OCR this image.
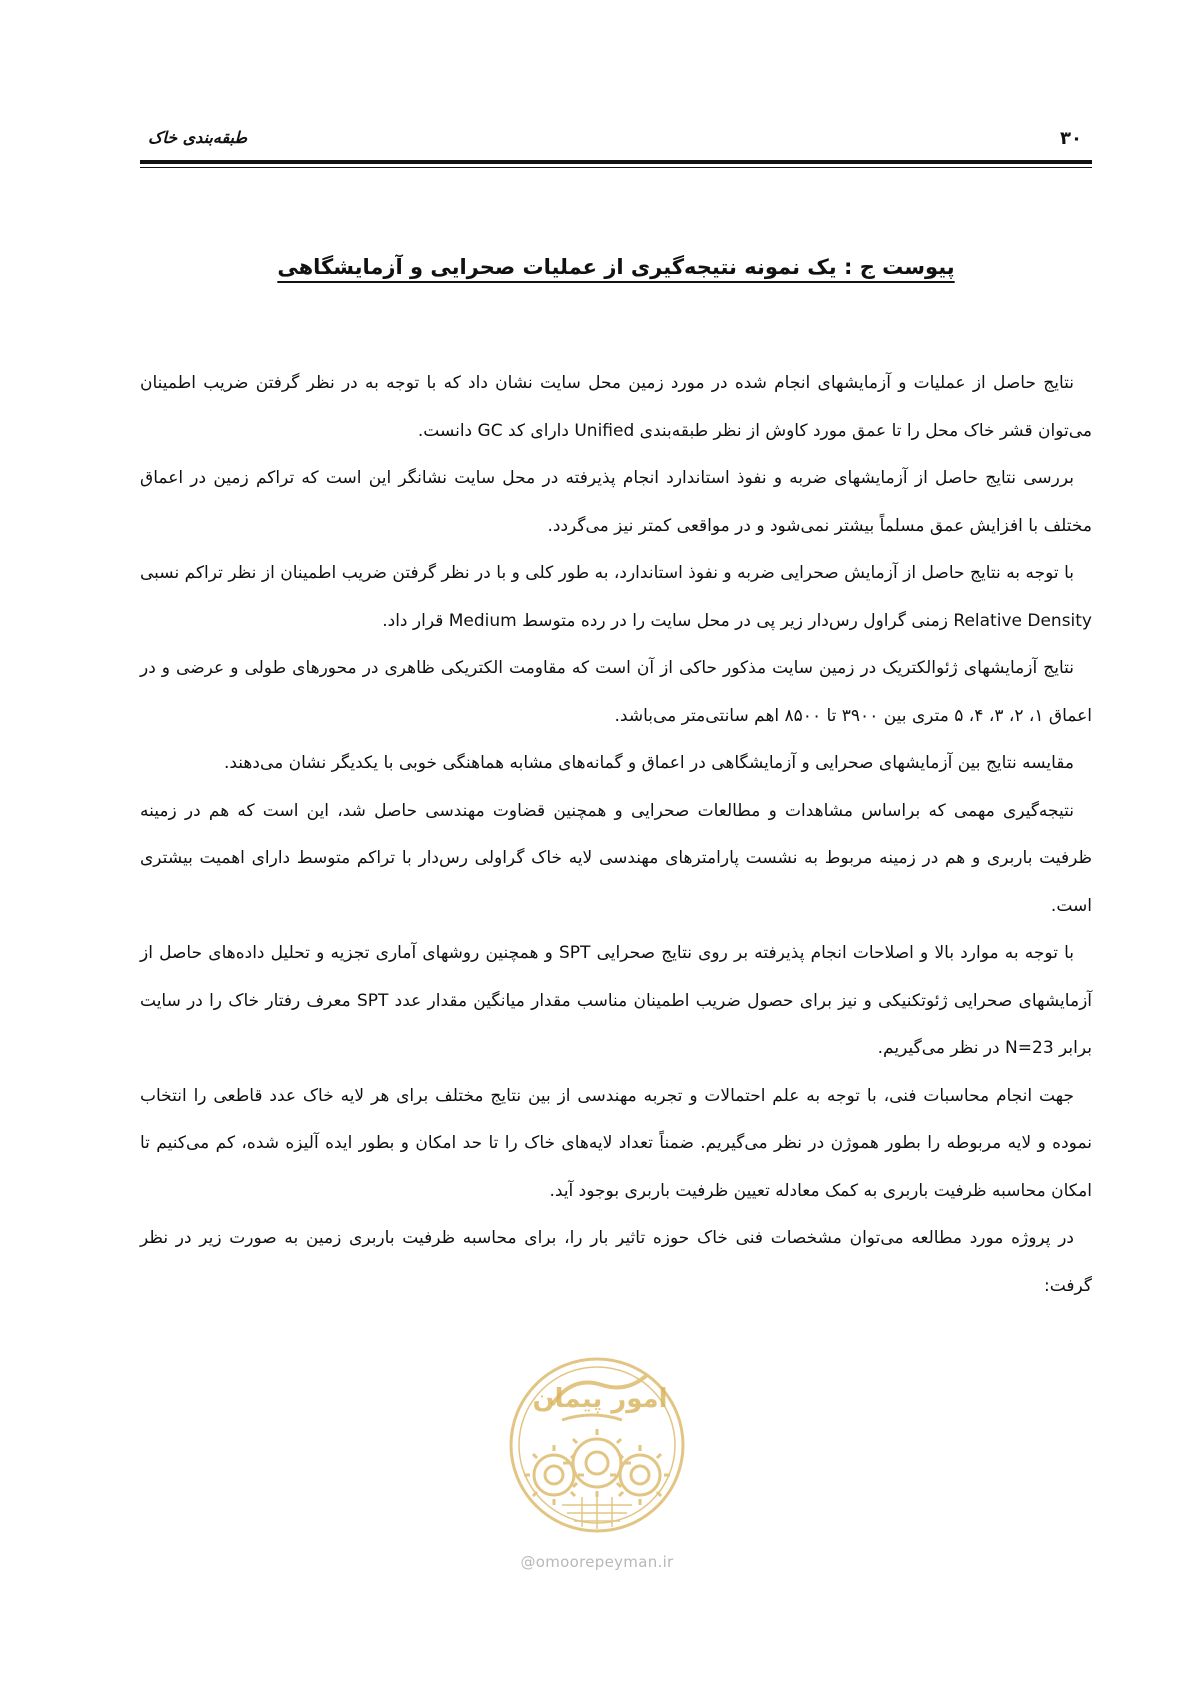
طبقه‌بندی خاک	۳۰
پیوست ج : یک نمونه نتیجه‌گیری از عملیات صحرایی و آزمایشگاهی

نتایج حاصل از عملیات و آزمایشهای انجام شده در مورد زمین محل سایت نشان داد که با توجه به در نظر گرفتن ضریب اطمینان می‌توان قشر خاک محل را تا عمق مورد کاوش از نظر طبقه‌بندی Unified دارای کد GC دانست.

بررسی نتایج حاصل از آزمایشهای ضربه و نفوذ استاندارد انجام پذیرفته در محل سایت نشانگر این است که تراکم زمین در اعماق مختلف با افزایش عمق مسلماً بیشتر نمی‌شود و در مواقعی کمتر نیز می‌گردد.

با توجه به نتایج حاصل از آزمایش صحرایی ضربه و نفوذ استاندارد، به طور کلی و با در نظر گرفتن ضریب اطمینان از نظر تراکم نسبی Relative Density زمنی گراول رس‌دار زیر پی در محل سایت را در رده متوسط Medium قرار داد.

نتایج آزمایشهای ژئوالکتریک در زمین سایت مذکور حاکی از آن است که مقاومت الکتریکی ظاهری در محورهای طولی و عرضی و در اعماق ۱، ۲، ۳، ۴، ۵ متری بین ۳۹۰۰ تا ۸۵۰۰ اهم سانتی‌متر می‌باشد.

مقایسه نتایج بین آزمایشهای صحرایی و آزمایشگاهی در اعماق و گمانه‌های مشابه هماهنگی خوبی با یکدیگر نشان می‌دهند.

نتیجه‌گیری مهمی که براساس مشاهدات و مطالعات صحرایی و همچنین قضاوت مهندسی حاصل شد، این است که هم در زمینه ظرفیت باربری و هم در زمینه مربوط به نشست پارامترهای مهندسی لایه خاک گراولی رس‌دار با تراکم متوسط دارای اهمیت بیشتری است.

با توجه به موارد بالا و اصلاحات انجام پذیرفته بر روی نتایج صحرایی SPT و همچنین روشهای آماری تجزیه و تحلیل داده‌های حاصل از آزمایشهای صحرایی ژئوتکنیکی و نیز برای حصول ضریب اطمینان مناسب مقدار میانگین مقدار عدد SPT معرف رفتار خاک را در سایت برابر N=23 در نظر می‌گیریم.

جهت انجام محاسبات فنی، با توجه به علم احتمالات و تجربه مهندسی از بین نتایج مختلف برای هر لایه خاک عدد قاطعی را انتخاب نموده و لایه مربوطه را بطور هموژن در نظر می‌گیریم. ضمناً تعداد لایه‌های خاک را تا حد امکان و بطور ایده آلیزه شده، کم می‌کنیم تا امکان محاسبه ظرفیت باربری به کمک معادله تعیین ظرفیت باربری بوجود آید.

در پروژه مورد مطالعه می‌توان مشخصات فنی خاک حوزه تاثیر بار را، برای محاسبه ظرفیت باربری زمین به صورت زیر در نظر گرفت:

امور پیمان
@omoorepeyman.ir
